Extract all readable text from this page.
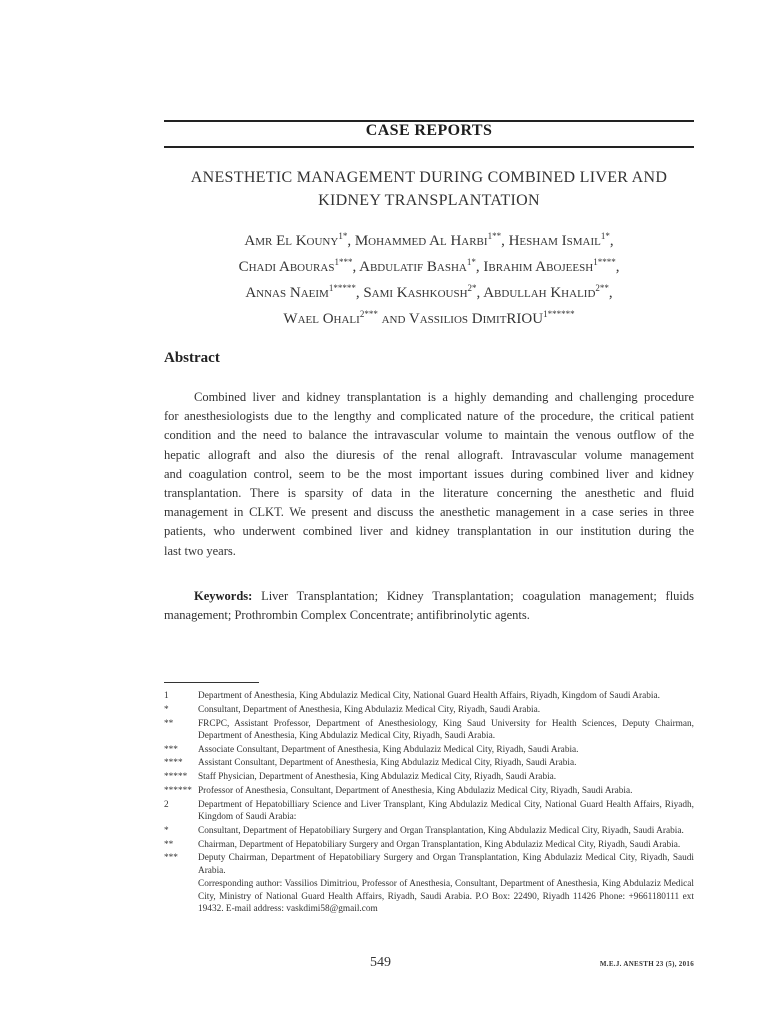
CASE REPORTS
ANESTHETIC MANAGEMENT DURING COMBINED LIVER AND
KIDNEY TRANSPLANTATION
Amr El Kouny$^{1*}$, Mohammed Al Harbi$^{1**}$, Hesham Ismail$^{1*}$,
Chadi Abouras$^{1***}$, Abdulatif Basha$^{1*}$, Ibrahim Abojeesh$^{1****}$,
Annas Naeim$^{1*****}$, Sami Kashkoush$^{2*}$, Abdullah Khalid$^{2**}$,
Wael Ohali$^{2***}$ and Vassilios DimitRIOU$^{1******}$
Abstract
Combined liver and kidney transplantation is a highly demanding and challenging procedure
for anesthesiologists due to the lengthy and complicated nature of the procedure, the critical patient
condition and the need to balance the intravascular volume to maintain the venous outflow of the
hepatic allograft and also the diuresis of the renal allograft. Intravascular volume management
and coagulation control, seem to be the most important issues during combined liver and kidney
transplantation. There is sparsity of data in the literature concerning the anesthetic and fluid
management in CLKT. We present and discuss the anesthetic management in a case series in three
patients, who underwent combined liver and kidney transplantation in our institution during the
last two years.
Keywords: Liver Transplantation; Kidney Transplantation; coagulation management; fluids
management; Prothrombin Complex Concentrate; antifibrinolytic agents.
1	Department of Anesthesia, King Abdulaziz Medical City, National Guard Health Affairs, Riyadh, Kingdom of Saudi Arabia.
*	Consultant, Department of Anesthesia, King Abdulaziz Medical City, Riyadh, Saudi Arabia.
**	FRCPC, Assistant Professor, Department of Anesthesiology, King Saud University for Health Sciences, Deputy Chairman, Department of Anesthesia, King Abdulaziz Medical City, Riyadh, Saudi Arabia.
*** Associate Consultant, Department of Anesthesia, King Abdulaziz Medical City, Riyadh, Saudi Arabia.
**** Assistant Consultant, Department of Anesthesia, King Abdulaziz Medical City, Riyadh, Saudi Arabia.
***** Staff Physician, Department of Anesthesia, King Abdulaziz Medical City, Riyadh, Saudi Arabia.
****** Professor of Anesthesia, Consultant, Department of Anesthesia, King Abdulaziz Medical City, Riyadh, Saudi Arabia.
2	Department of Hepatobilliary Science and Liver Transplant, King Abdulaziz Medical City, National Guard Health Affairs, Riyadh, Kingdom of Saudi Arabia:
*	Consultant, Department of Hepatobiliary Surgery and Organ Transplantation, King Abdulaziz Medical City, Riyadh, Saudi Arabia.
**	Chairman, Department of Hepatobiliary Surgery and Organ Transplantation, King Abdulaziz Medical City, Riyadh, Saudi Arabia.
*** Deputy Chairman, Department of Hepatobiliary Surgery and Organ Transplantation, King Abdulaziz Medical City, Riyadh, Saudi Arabia.
Corresponding author: Vassilios Dimitriou, Professor of Anesthesia, Consultant, Department of Anesthesia, King Abdulaziz Medical City, Ministry of National Guard Health Affairs, Riyadh, Saudi Arabia. P.O Box: 22490, Riyadh 11426 Phone: +9661180111 ext 19432. E-mail address: vaskdimi58@gmail.com
549	M.E.J. ANESTH 23 (5), 2016
